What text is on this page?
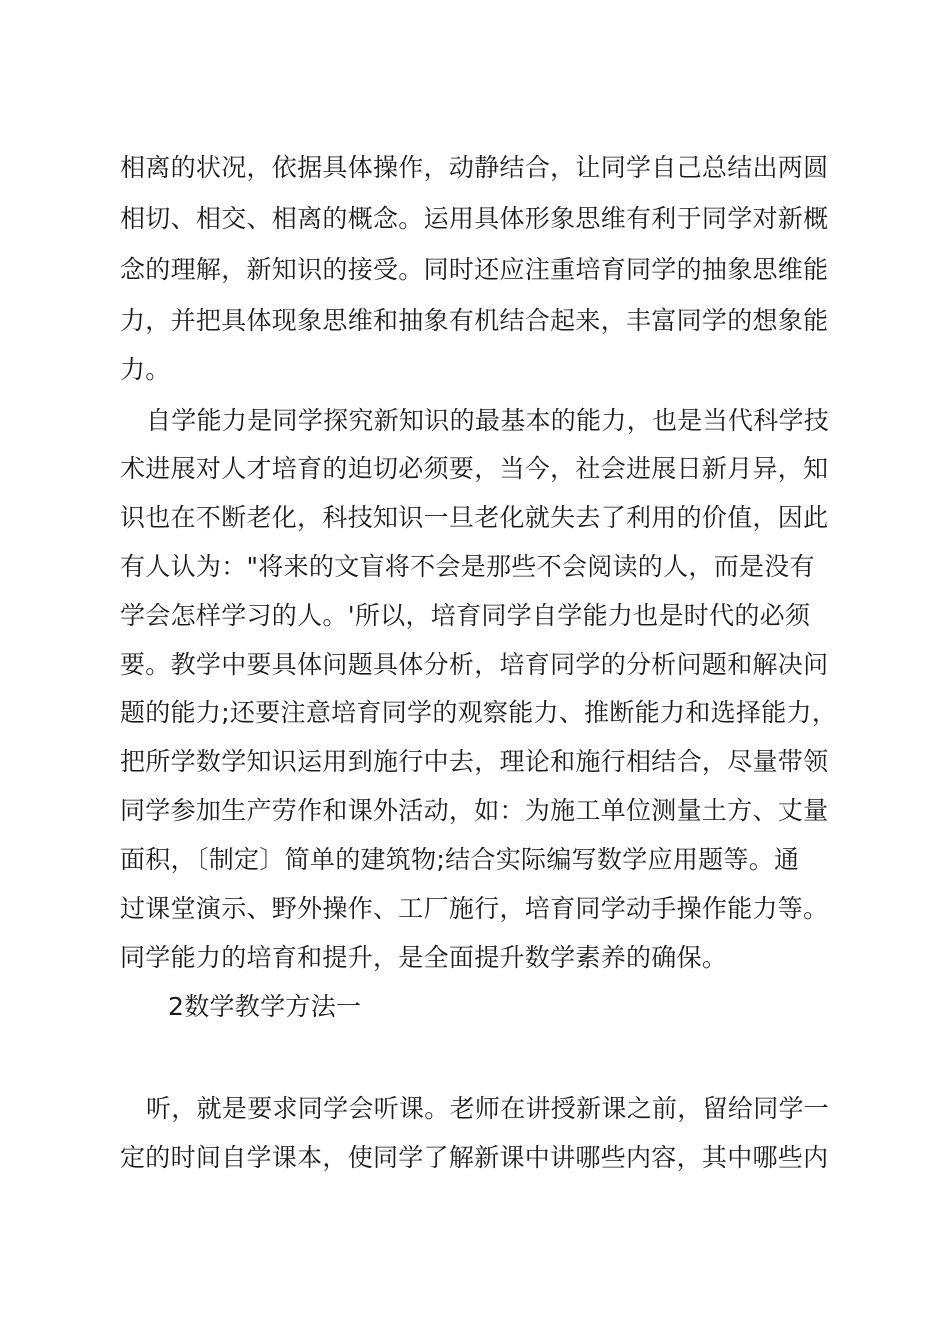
相离的状况，依据具体操作，动静结合，让同学自己总结出两圆
相切、相交、相离的概念。运用具体形象思维有利于同学对新概
念的理解，新知识的接受。同时还应注重培育同学的抽象思维能
力，并把具体现象思维和抽象有机结合起来，丰富同学的想象能
力。
自学能力是同学探究新知识的最基本的能力，也是当代科学技
术进展对人才培育的迫切必须要，当今，社会进展日新月异，知
识也在不断老化，科技知识一旦老化就失去了利用的价值，因此
有人认为："将来的文盲将不会是那些不会阅读的人，而是没有
学会怎样学习的人。'所以，培育同学自学能力也是时代的必须
要。教学中要具体问题具体分析，培育同学的分析问题和解决问
题的能力;还要注意培育同学的观察能力、推断能力和选择能力，
把所学数学知识运用到施行中去，理论和施行相结合，尽量带领
同学参加生产劳作和课外活动，如：为施工单位测量土方、丈量
面积，〔制定〕简单的建筑物;结合实际编写数学应用题等。通
过课堂演示、野外操作、工厂施行，培育同学动手操作能力等。
同学能力的培育和提升，是全面提升数学素养的确保。
2数学教学方法一
听，就是要求同学会听课。老师在讲授新课之前，留给同学一
定的时间自学课本，使同学了解新课中讲哪些内容，其中哪些内
